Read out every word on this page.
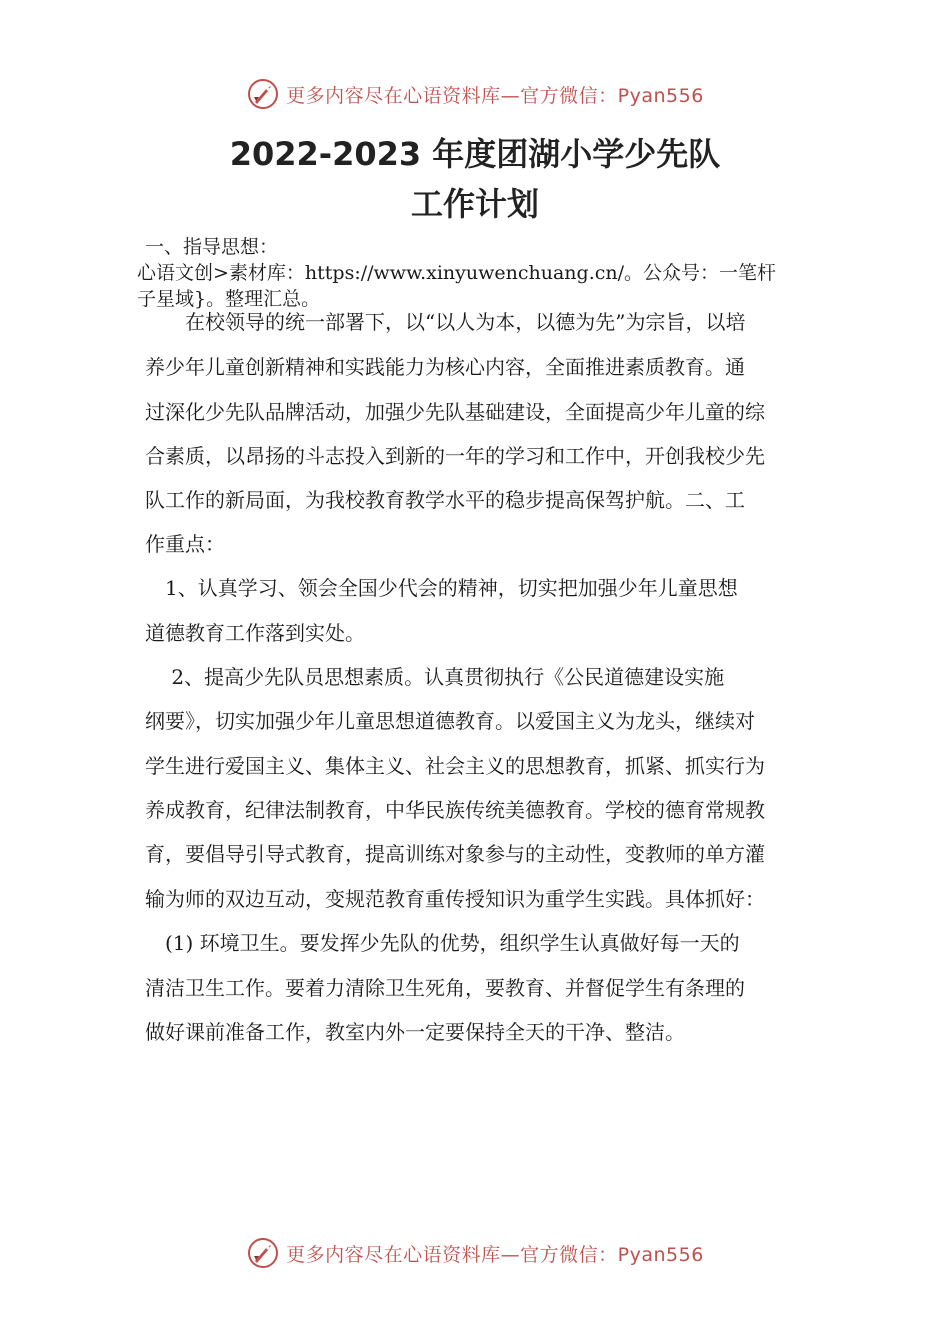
更多内容尽在心语资料库—官方微信：Pyan556
2022-2023 年度团湖小学少先队
工作计划
一、指导思想：
心语文创>素材库：https://www.xinyuwenchuang.cn/。公众号：一笔杆
子星域}。整理汇总。
　　在校领导的统一部署下，以“以人为本，以德为先”为宗旨，以培
养少年儿童创新精神和实践能力为核心内容，全面推进素质教育。通
过深化少先队品牌活动，加强少先队基础建设，全面提高少年儿童的综
合素质，以昂扬的斗志投入到新的一年的学习和工作中，开创我校少先
队工作的新局面，为我校教育教学水平的稳步提高保驾护航。二、工
作重点：
　1、认真学习、领会全国少代会的精神，切实把加强少年儿童思想
道德教育工作落到实处。
　 2、提高少先队员思想素质。认真贯彻执行《公民道德建设实施
纲要》，切实加强少年儿童思想道德教育。以爱国主义为龙头，继续对
学生进行爱国主义、集体主义、社会主义的思想教育，抓紧、抓实行为
养成教育，纪律法制教育，中华民族传统美德教育。学校的德育常规教
育，要倡导引导式教育，提高训练对象参与的主动性，变教师的单方灌
输为师的双边互动，变规范教育重传授知识为重学生实践。具体抓好：
　(1) 环境卫生。要发挥少先队的优势，组织学生认真做好每一天的
清洁卫生工作。要着力清除卫生死角，要教育、并督促学生有条理的
做好课前准备工作，教室内外一定要保持全天的干净、整洁。
更多内容尽在心语资料库—官方微信：Pyan556
